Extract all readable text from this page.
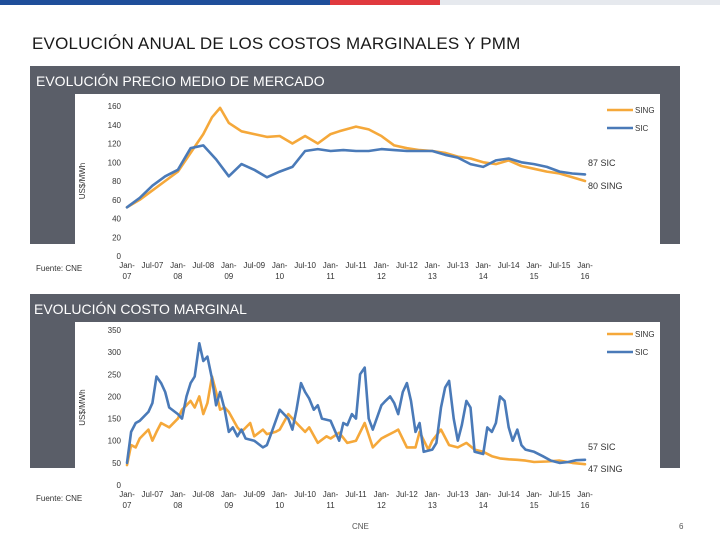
EVOLUCIÓN ANUAL DE LOS COSTOS MARGINALES Y PMM
EVOLUCIÓN PRECIO MEDIO DE MERCADO
US$/MWh
0
20
40
60
80
100
120
140
160
Jan-07
Jul-07 Jan-08
Jul-08 Jan-09
Jul-09 Jan-10
Jul-10 Jan-11
Jul-11 Jan-12
Jul-12 Jan-13
Jul-13 Jan-14
Jul-14 Jan-15
Jul-15 Jan-16
SING
SIC
87 SIC
80 SING
Fuente: CNE
EVOLUCIÓN COSTO MARGINAL
US$/MWh
0
50
100
150
200
250
300
350
Jan-07
Jul-07 Jan-08
Jul-08 Jan-09
Jul-09 Jan-10
Jul-10 Jan-11
Jul-11 Jan-12
Jul-12 Jan-13
Jul-13 Jan-14
Jul-14 Jan-15
Jul-15 Jan-16
SING
SIC
57 SIC
47 SING
Fuente: CNE
CNE	6
